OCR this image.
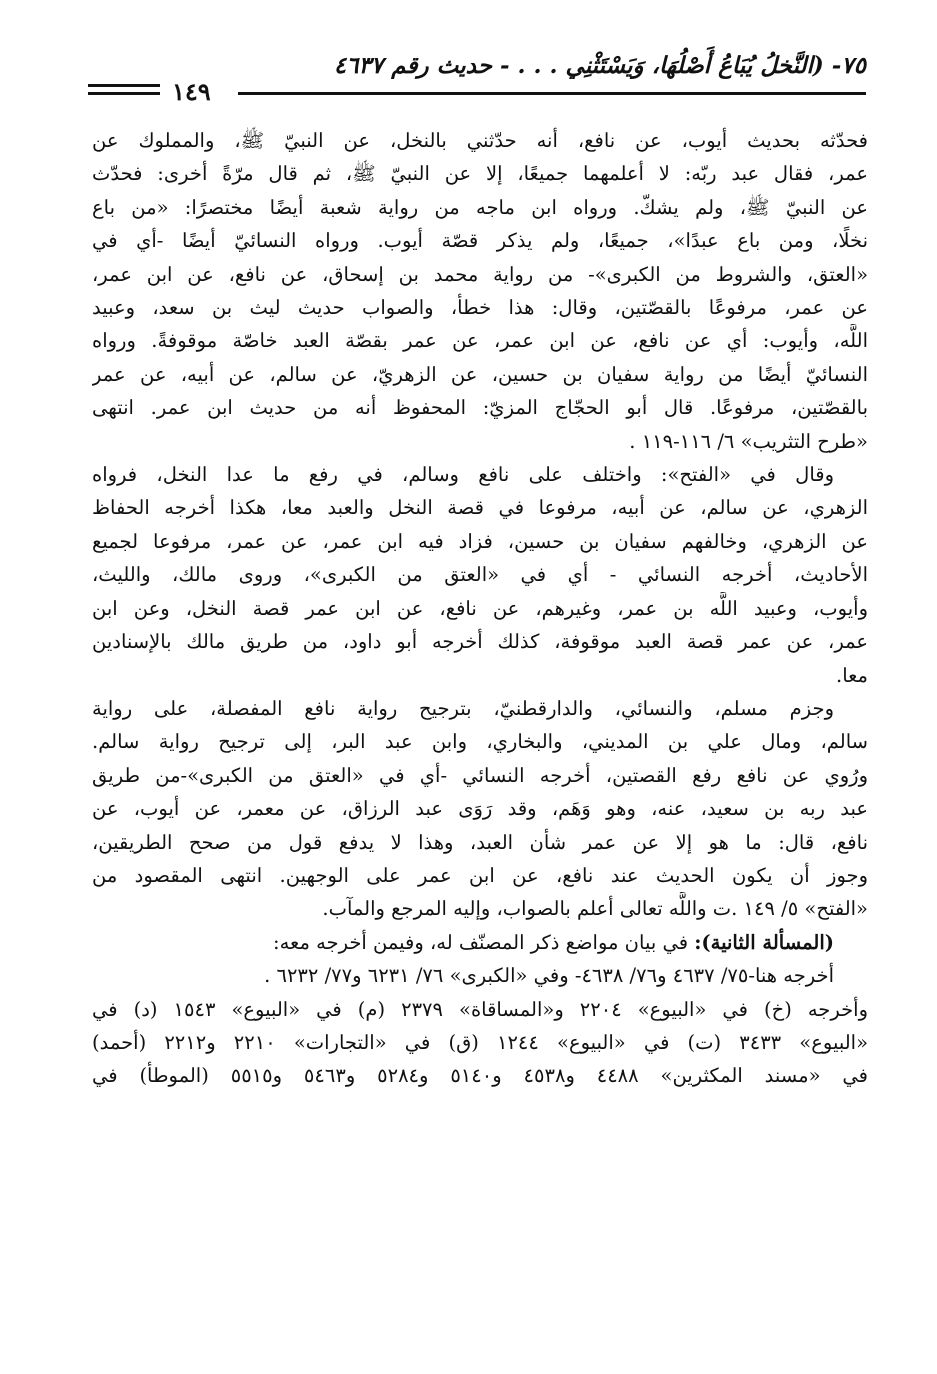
٧٥- (النَّخلُ يُبَاعُ أَصْلُهَا، وَيَسْتَثْنِي . . . - حديث رقم ٤٦٣٧
١٤٩

فحدّثه بحديث أيوب، عن نافع، أنه حدّثني بالنخل، عن النبيّ ﷺ، والمملوك عن
عمر، فقال عبد ربّه: لا أعلمهما جميعًا، إلا عن النبيّ ﷺ، ثم قال مرّةً أخرى: فحدّث
عن النبيّ ﷺ، ولم يشكّ. ورواه ابن ماجه من رواية شعبة أيضًا مختصرًا: «من باع
نخلًا، ومن باع عبدًا»، جميعًا، ولم يذكر قصّة أيوب. ورواه النسائيّ أيضًا -أي في
«العتق، والشروط من الكبرى»- من رواية محمد بن إسحاق، عن نافع، عن ابن عمر،
عن عمر، مرفوعًا بالقصّتين، وقال: هذا خطأ، والصواب حديث ليث بن سعد، وعبيد
اللَّه، وأيوب: أي عن نافع، عن ابن عمر، عن عمر بقصّة العبد خاصّة موقوفةً. ورواه
النسائيّ أيضًا من رواية سفيان بن حسين، عن الزهريّ، عن سالم، عن أبيه، عن عمر
بالقصّتين، مرفوعًا. قال أبو الحجّاج المزيّ: المحفوظ أنه من حديث ابن عمر. انتهى
«طرح التثريب» ٦/ ١١٦-١١٩ .

وقال في «الفتح»: واختلف على نافع وسالم، في رفع ما عدا النخل، فرواه
الزهري، عن سالم، عن أبيه، مرفوعا في قصة النخل والعبد معا، هكذا أخرجه الحفاظ
عن الزهري، وخالفهم سفيان بن حسين، فزاد فيه ابن عمر، عن عمر، مرفوعا لجميع
الأحاديث، أخرجه النسائي - أي في «العتق من الكبرى»، وروى مالك، والليث،
وأيوب، وعبيد اللَّه بن عمر، وغيرهم، عن نافع، عن ابن عمر قصة النخل، وعن ابن
عمر، عن عمر قصة العبد موقوفة، كذلك أخرجه أبو داود، من طريق مالك بالإسنادين
معا.

وجزم مسلم، والنسائي، والدارقطنيّ، بترجيح رواية نافع المفصلة، على رواية
سالم، ومال علي بن المديني، والبخاري، وابن عبد البر، إلى ترجيح رواية سالم.
ورُوي عن نافع رفع القصتين، أخرجه النسائي -أي في «العتق من الكبرى»-من طريق
عبد ربه بن سعيد، عنه، وهو وَهَم، وقد رَوَى عبد الرزاق، عن معمر، عن أيوب، عن
نافع، قال: ما هو إلا عن عمر شأن العبد، وهذا لا يدفع قول من صحح الطريقين،
وجوز أن يكون الحديث عند نافع، عن ابن عمر على الوجهين. انتهى المقصود من
«الفتح» ٥/ ١٤٩ .ت واللَّه تعالى أعلم بالصواب، وإليه المرجع والمآب.

(المسألة الثانية): في بيان مواضع ذكر المصنّف له، وفيمن أخرجه معه:
أخرجه هنا-٧٥/ ٤٦٣٧ و٧٦/ ٤٦٣٨- وفي «الكبرى» ٧٦/ ٦٢٣١ و٧٧/ ٦٢٣٢ .
وأخرجه (خ) في «البيوع» ٢٢٠٤ و«المساقاة» ٢٣٧٩ (م) في «البيوع» ١٥٤٣ (د) في
«البيوع» ٣٤٣٣ (ت) في «البيوع» ١٢٤٤ (ق) في «التجارات» ٢٢١٠ و٢٢١٢ (أحمد)
في «مسند المكثرين» ٤٤٨٨ و٤٥٣٨ و٥١٤٠ و٥٢٨٤ و٥٤٦٣ و٥٥١٥ (الموطأ) في
